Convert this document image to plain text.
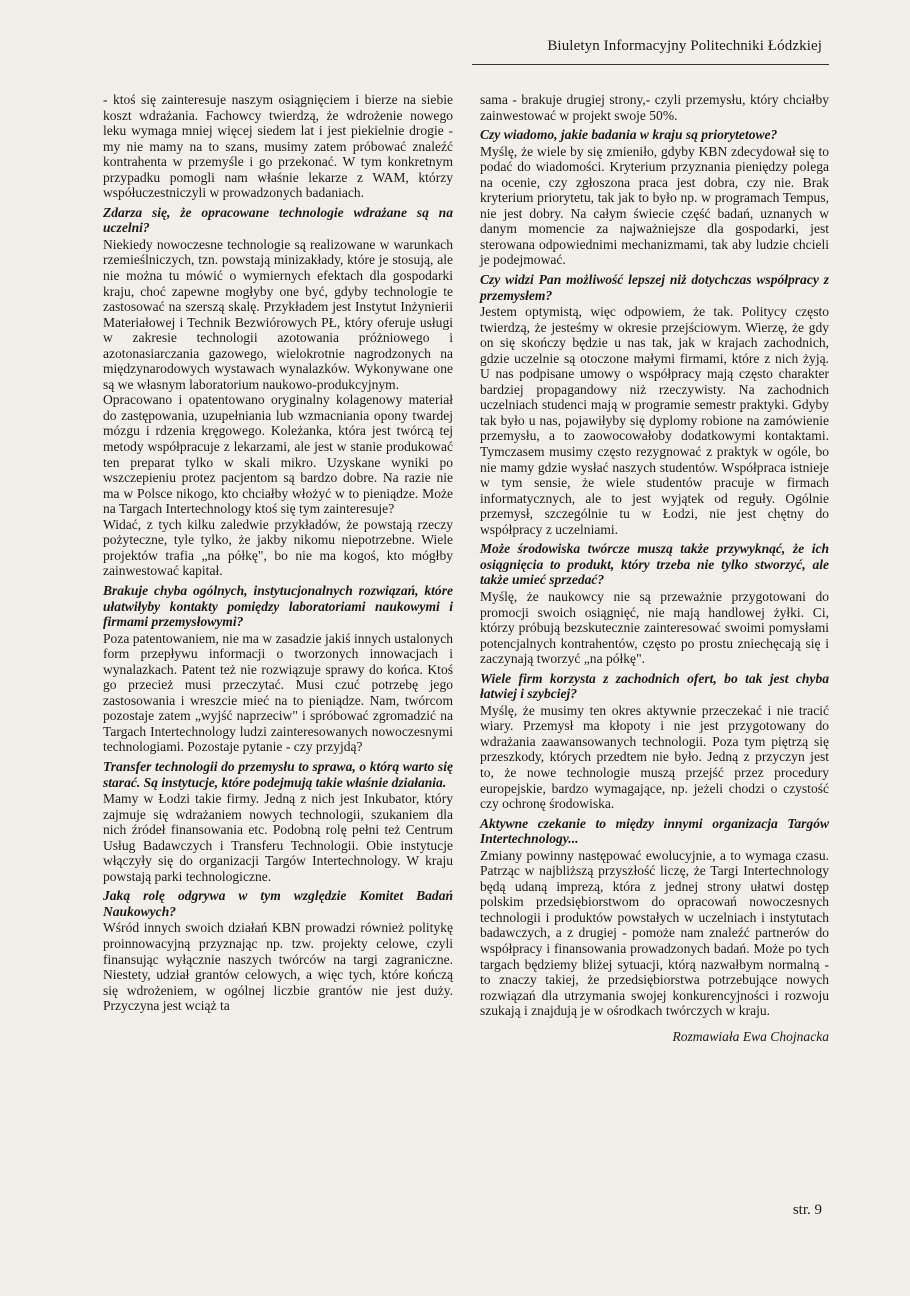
Biuletyn Informacyjny Politechniki Łódzkiej

- ktoś się zainteresuje naszym osiągnięciem i bierze na siebie koszt wdrażania. Fachowcy twierdzą, że wdrożenie nowego leku wymaga mniej więcej siedem lat i jest piekielnie drogie - my nie mamy na to szans, musimy zatem próbować znaleźć kontrahenta w przemyśle i go przekonać. W tym konkretnym przypadku pomogli nam właśnie lekarze z WAM, którzy współuczestniczyli w prowadzonych badaniach.

Zdarza się, że opracowane technologie wdrażane są na uczelni?

Niekiedy nowoczesne technologie są realizowane w warunkach rzemieślniczych, tzn. powstają minizakłady, które je stosują, ale nie można tu mówić o wymiernych efektach dla gospodarki kraju, choć zapewne mogłyby one być, gdyby technologie te zastosować na szerszą skalę. Przykładem jest Instytut Inżynierii Materiałowej i Technik Bezwiórowych PŁ, który oferuje usługi w zakresie technologii azotowania próżniowego i azotonasiarczania gazowego, wielokrotnie nagrodzonych na międzynarodowych wystawach wynalazków. Wykonywane one są we własnym laboratorium naukowo-produkcyjnym.

Opracowano i opatentowano oryginalny kolagenowy materiał do zastępowania, uzupełniania lub wzmacniania opony twardej mózgu i rdzenia kręgowego. Koleżanka, która jest twórcą tej metody współpracuje z lekarzami, ale jest w stanie produkować ten preparat tylko w skali mikro. Uzyskane wyniki po wszczepieniu protez pacjentom są bardzo dobre. Na razie nie ma w Polsce nikogo, kto chciałby włożyć w to pieniądze. Może na Targach Intertechnology ktoś się tym zainteresuje?

Widać, z tych kilku zaledwie przykładów, że powstają rzeczy pożyteczne, tyle tylko, że jakby nikomu niepotrzebne. Wiele projektów trafia „na półkę", bo nie ma kogoś, kto mógłby zainwestować kapitał.

Brakuje chyba ogólnych, instytucjonalnych rozwiązań, które ułatwiłyby kontakty pomiędzy laboratoriami naukowymi i firmami przemysłowymi?

Poza patentowaniem, nie ma w zasadzie jakiś innych ustalonych form przepływu informacji o tworzonych innowacjach i wynalazkach. Patent też nie rozwiązuje sprawy do końca. Ktoś go przecież musi przeczytać. Musi czuć potrzebę jego zastosowania i wreszcie mieć na to pieniądze. Nam, twórcom pozostaje zatem „wyjść naprzeciw" i spróbować zgromadzić na Targach Intertechnology ludzi zainteresowanych nowoczesnymi technologiami. Pozostaje pytanie - czy przyjdą?

Transfer technologii do przemysłu to sprawa, o którą warto się starać. Są instytucje, które podejmują takie właśnie działania.

Mamy w Łodzi takie firmy. Jedną z nich jest Inkubator, który zajmuje się wdrażaniem nowych technologii, szukaniem dla nich źródeł finansowania etc. Podobną rolę pełni też Centrum Usług Badawczych i Transferu Technologii. Obie instytucje włączyły się do organizacji Targów Intertechnology. W kraju powstają parki technologiczne.

Jaką rolę odgrywa w tym względzie Komitet Badań Naukowych?

Wśród innych swoich działań KBN prowadzi również politykę proinnowacyjną przyznając np. tzw. projekty celowe, czyli finansując wyłącznie naszych twórców na targi zagraniczne. Niestety, udział grantów celowych, a więc tych, które kończą się wdrożeniem, w ogólnej liczbie grantów nie jest duży. Przyczyna jest wciąż ta

sama - brakuje drugiej strony,- czyli przemysłu, który chciałby zainwestować w projekt swoje 50%.

Czy wiadomo, jakie badania w kraju są priorytetowe?

Myślę, że wiele by się zmieniło, gdyby KBN zdecydował się to podać do wiadomości. Kryterium przyznania pieniędzy polega na ocenie, czy zgłoszona praca jest dobra, czy nie. Brak kryterium priorytetu, tak jak to było np. w programach Tempus, nie jest dobry. Na całym świecie część badań, uznanych w danym momencie za najważniejsze dla gospodarki, jest sterowana odpowiednimi mechanizmami, tak aby ludzie chcieli je podejmować.

Czy widzi Pan możliwość lepszej niż dotychczas współpracy z przemysłem?

Jestem optymistą, więc odpowiem, że tak. Politycy często twierdzą, że jesteśmy w okresie przejściowym. Wierzę, że gdy on się skończy będzie u nas tak, jak w krajach zachodnich, gdzie uczelnie są otoczone małymi firmami, które z nich żyją. U nas podpisane umowy o współpracy mają często charakter bardziej propagandowy niż rzeczywisty. Na zachodnich uczelniach studenci mają w programie semestr praktyki. Gdyby tak było u nas, pojawiłyby się dyplomy robione na zamówienie przemysłu, a to zaowocowałoby dodatkowymi kontaktami. Tymczasem musimy często rezygnować z praktyk w ogóle, bo nie mamy gdzie wysłać naszych studentów. Współpraca istnieje w tym sensie, że wiele studentów pracuje w firmach informatycznych, ale to jest wyjątek od reguły. Ogólnie przemysł, szczególnie tu w Łodzi, nie jest chętny do współpracy z uczelniami.

Może środowiska twórcze muszą także przywyknąć, że ich osiągnięcia to produkt, który trzeba nie tylko stworzyć, ale także umieć sprzedać?

Myślę, że naukowcy nie są przeważnie przygotowani do promocji swoich osiągnięć, nie mają handlowej żyłki. Ci, którzy próbują bezskutecznie zainteresować swoimi pomysłami potencjalnych kontrahentów, często po prostu zniechęcają się i zaczynają tworzyć „na półkę".

Wiele firm korzysta z zachodnich ofert, bo tak jest chyba łatwiej i szybciej?

Myślę, że musimy ten okres aktywnie przeczekać i nie tracić wiary. Przemysł ma kłopoty i nie jest przygotowany do wdrażania zaawansowanych technologii. Poza tym piętrzą się przeszkody, których przedtem nie było. Jedną z przyczyn jest to, że nowe technologie muszą przejść przez procedury europejskie, bardzo wymagające, np. jeżeli chodzi o czystość czy ochronę środowiska.

Aktywne czekanie to między innymi organizacja Targów Intertechnology...

Zmiany powinny następować ewolucyjnie, a to wymaga czasu. Patrząc w najbliższą przyszłość liczę, że Targi Intertechnology będą udaną imprezą, która z jednej strony ułatwi dostęp polskim przedsiębiorstwom do opracowań nowoczesnych technologii i produktów powstałych w uczelniach i instytutach badawczych, a z drugiej - pomoże nam znaleźć partnerów do współpracy i finansowania prowadzonych badań. Może po tych targach będziemy bliżej sytuacji, którą nazwałbym normalną - to znaczy takiej, że przedsiębiorstwa potrzebujące nowych rozwiązań dla utrzymania swojej konkurencyjności i rozwoju szukają i znajdują je w ośrodkach twórczych w kraju.

Rozmawiała Ewa Chojnacka

str. 9
